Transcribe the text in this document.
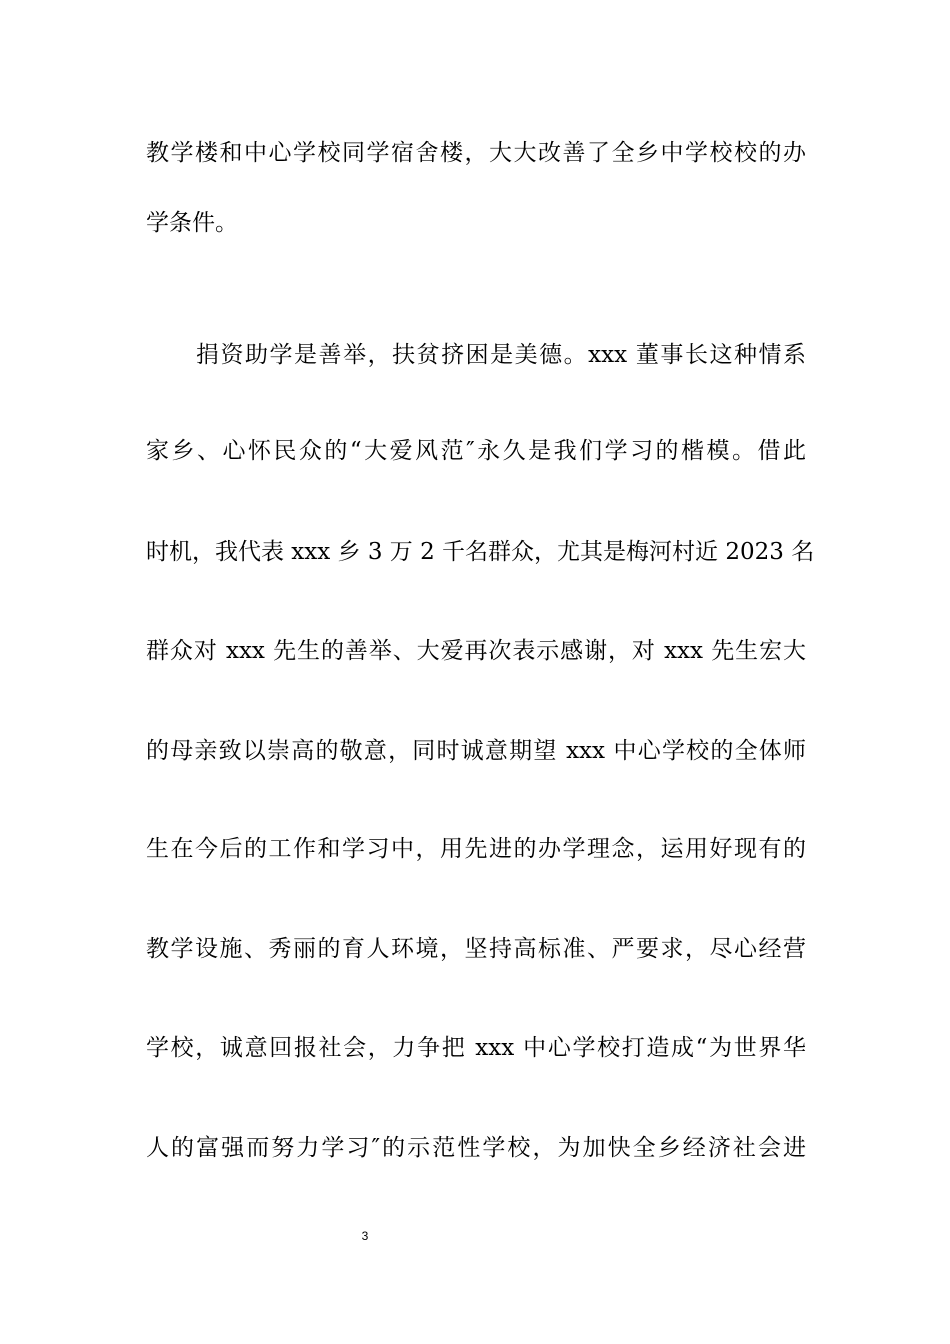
教学楼和中心学校同学宿舍楼，大大改善了全乡中学校校的办
学条件。
捐资助学是善举，扶贫挤困是美德。xxx 董事长这种情系
家乡、心怀民众的“大爱风范″永久是我们学习的楷模。借此
时机，我代表 xxx 乡 3 万 2 千名群众，尤其是梅河村近 2023 名
群众对 xxx 先生的善举、大爱再次表示感谢，对 xxx 先生宏大
的母亲致以崇高的敬意，同时诚意期望 xxx 中心学校的全体师
生在今后的工作和学习中，用先进的办学理念，运用好现有的
教学设施、秀丽的育人环境，坚持高标准、严要求，尽心经营
学校，诚意回报社会，力争把 xxx 中心学校打造成“为世界华
人的富强而努力学习″的示范性学校，为加快全乡经济社会进
3
